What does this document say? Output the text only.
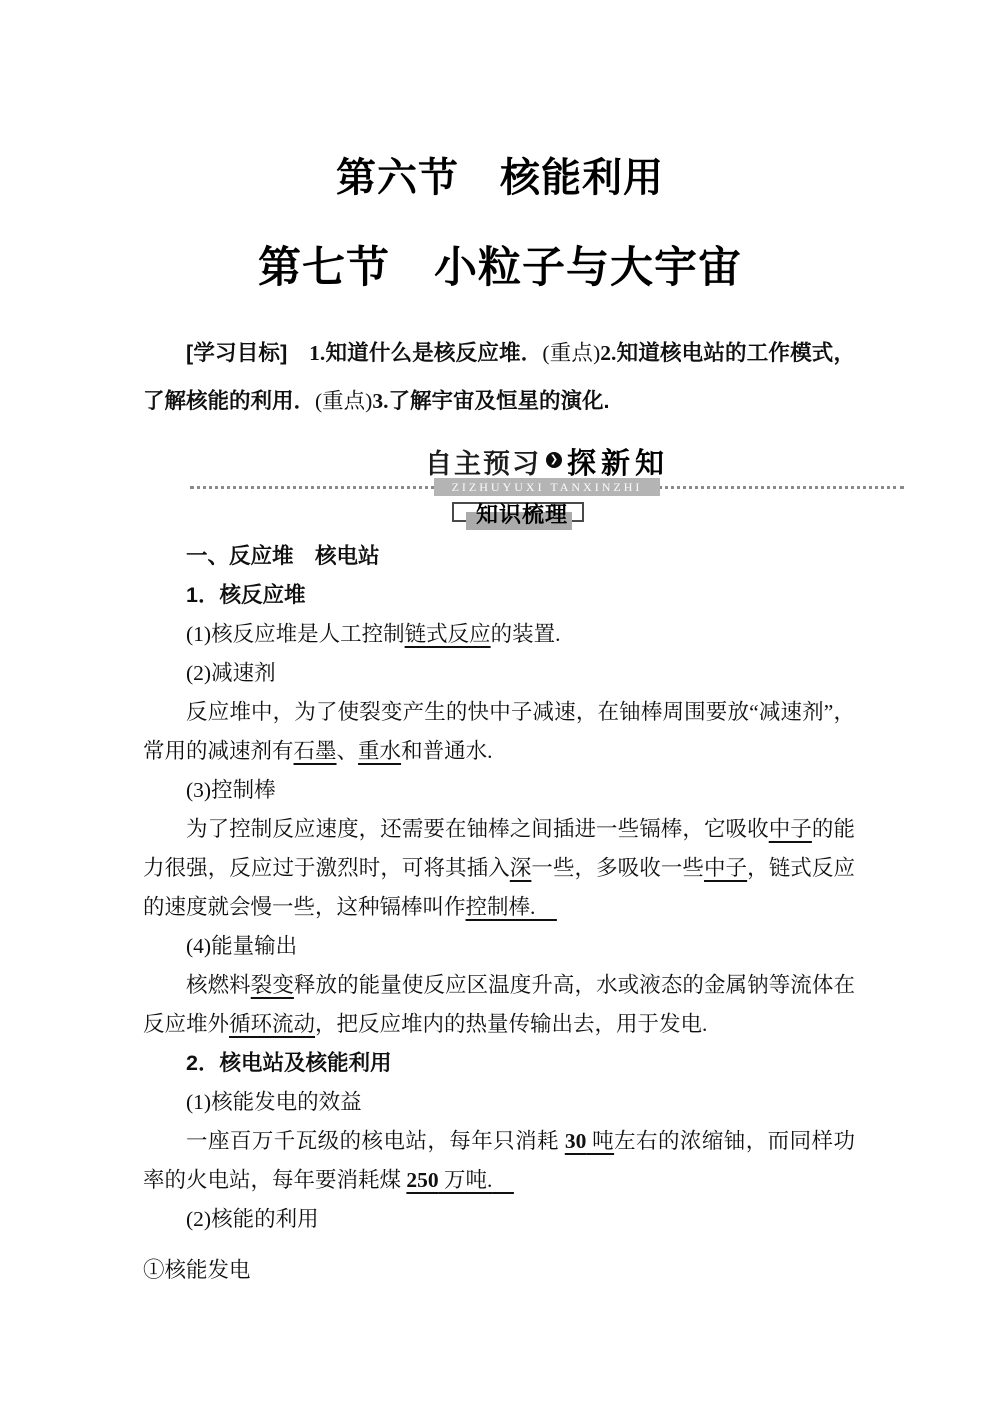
第六节　核能利用
第七节　小粒子与大宇宙

[学习目标]　 1.知道什么是核反应堆．(重点)2.知道核电站的工作模式，了解核能的利用．(重点)3.了解宇宙及恒星的演化.

自主预习 ❯ 探新知
ZIZHUYUXI TANXINZHI
知识梳理

一、反应堆　核电站

1．核反应堆

(1)核反应堆是人工控制链式反应的装置.

(2)减速剂

反应堆中，为了使裂变产生的快中子减速，在铀棒周围要放“减速剂”，常用的减速剂有石墨、重水和普通水.

(3)控制棒

为了控制反应速度，还需要在铀棒之间插进一些镉棒，它吸收中子的能力很强，反应过于激烈时，可将其插入深一些，多吸收一些中子，链式反应的速度就会慢一些，这种镉棒叫作控制棒.　

(4)能量输出

核燃料裂变释放的能量使反应区温度升高，水或液态的金属钠等流体在反应堆外循环流动，把反应堆内的热量传输出去，用于发电.

2．核电站及核能利用

(1)核能发电的效益

一座百万千瓦级的核电站，每年只消耗 30 吨左右的浓缩铀，而同样功率的火电站，每年要消耗煤 250 万吨.　

(2)核能的利用

①核能发电
